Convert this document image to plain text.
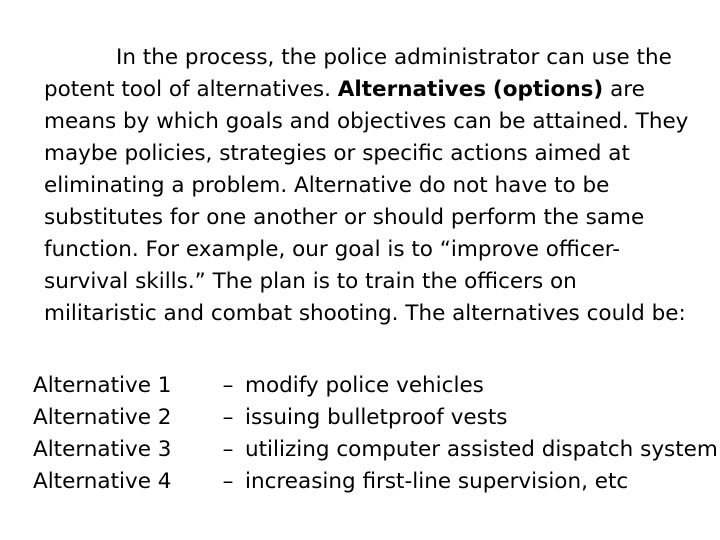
In the process, the police administrator can use the potent tool of alternatives. Alternatives (options) are means by which goals and objectives can be attained. They maybe policies, strategies or specific actions aimed at eliminating a problem. Alternative do not have to be substitutes for one another or should perform the same function. For example, our goal is to “improve officer-survival skills.” The plan is to train the officers on militaristic and combat shooting. The alternatives could be:

Alternative 1	– modify police vehicles
Alternative 2	– issuing bulletproof vests
Alternative 3	– utilizing computer assisted dispatch system
Alternative 4	– increasing first-line supervision, etc
